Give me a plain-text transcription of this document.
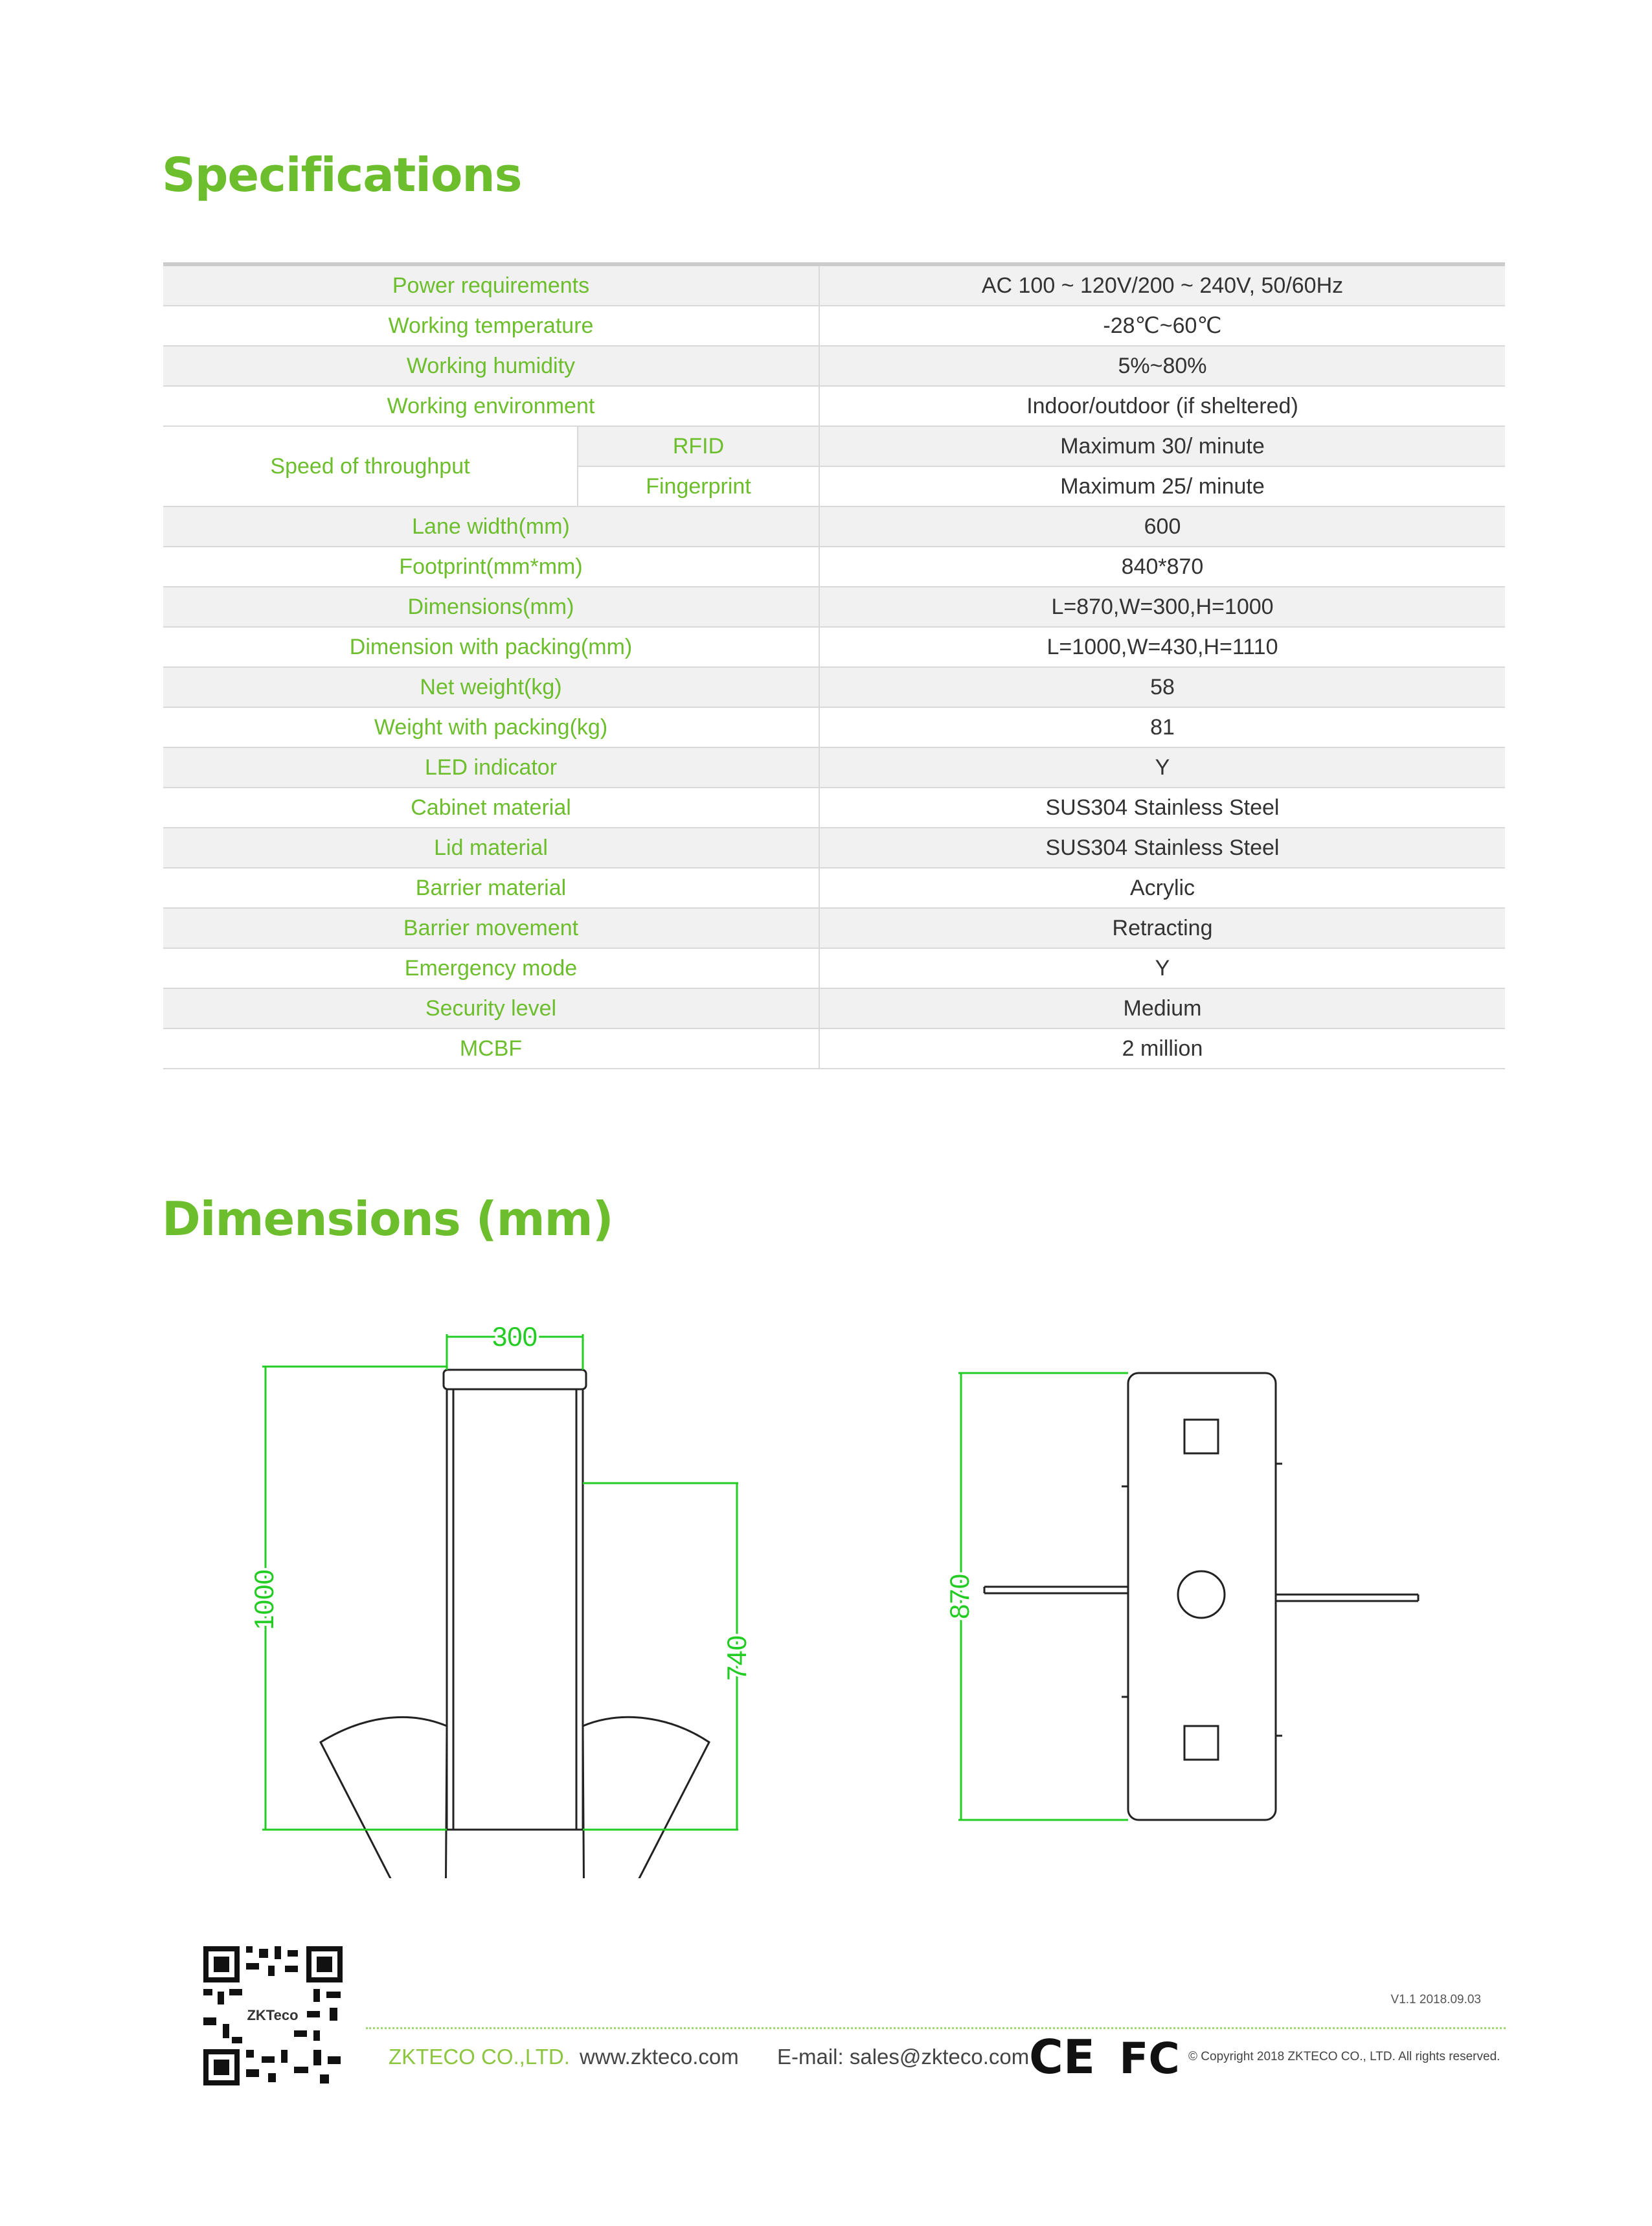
Specifications
Power requirements		AC 100 ~ 120V/200 ~ 240V, 50/60Hz
Working temperature		-28℃~60℃
Working humidity		5%~80%
Working environment		Indoor/outdoor (if sheltered)
Speed of throughput	RFID	Maximum 30/ minute
	Fingerprint	Maximum 25/ minute
Lane width(mm)		600
Footprint(mm*mm)		840*870
Dimensions(mm)		L=870,W=300,H=1000
Dimension with packing(mm)		L=1000,W=430,H=1110
Net weight(kg)		58
Weight with packing(kg)		81
LED indicator		Y
Cabinet material		SUS304 Stainless Steel
Lid material		SUS304 Stainless Steel
Barrier material		Acrylic
Barrier movement		Retracting
Emergency mode		Y
Security level		Medium
MCBF		2 million
Dimensions (mm)
300
1000
740
870
ZKTeco
V1.1 2018.09.03
ZKTECO CO.,LTD. www.zkteco.com E-mail: sales@zkteco.com CE FC © Copyright 2018 ZKTECO CO., LTD. All rights reserved.
